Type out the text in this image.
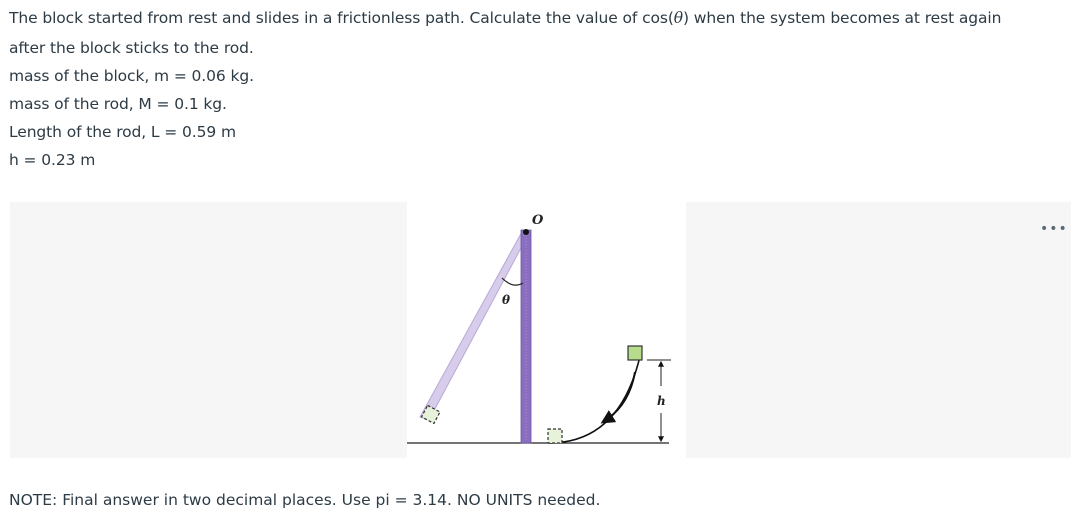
The block started from rest and slides in a frictionless path. Calculate the value of cos(θ) when the system becomes at rest again
after the block sticks to the rod.
mass of the block, m = 0.06 kg.
mass of the rod, M = 0.1 kg.
Length of the rod, L = 0.59 m
h = 0.23 m
O
θ
h
•••
NOTE: Final answer in two decimal places. Use pi = 3.14. NO UNITS needed.
